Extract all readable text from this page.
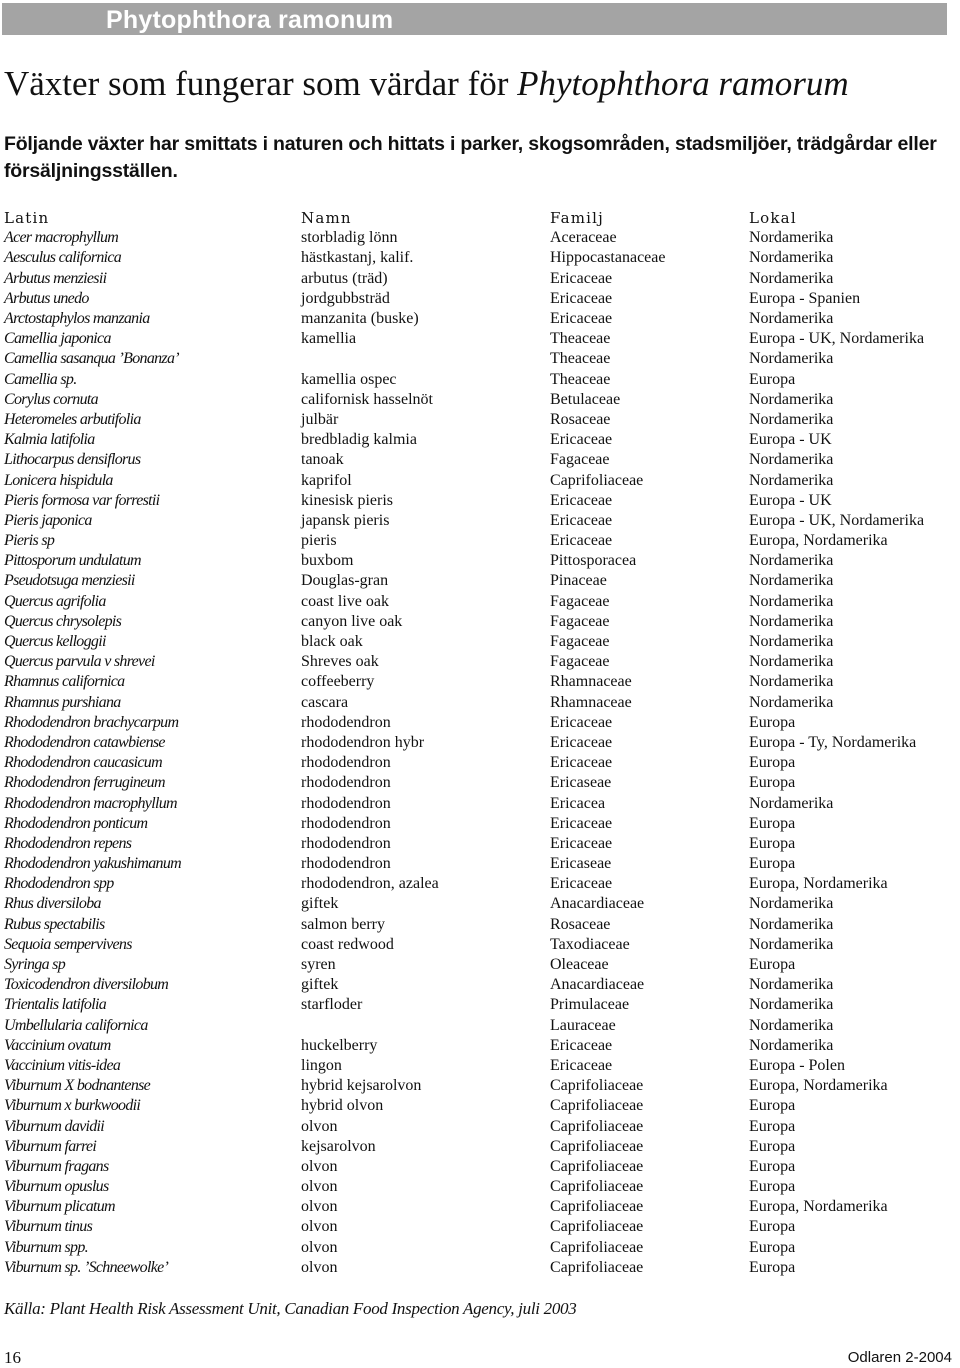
Phytophthora ramonum
Växter som fungerar som värdar för Phytophthora ramorum

Följande växter har smittats i naturen och hittats i parker, skogsområden, stadsmiljöer, trädgårdar eller försäljningsställen.

Latin	Namn	Familj	Lokal
Acer macrophyllum	storbladig lönn	Aceraceae	Nordamerika
Aesculus californica	hästkastanj, kalif.	Hippocastanaceae	Nordamerika
Arbutus menziesii	arbutus (träd)	Ericaceae	Nordamerika
Arbutus unedo	jordgubbsträd	Ericaceae	Europa - Spanien
Arctostaphylos manzania	manzanita (buske)	Ericaceae	Nordamerika
Camellia japonica	kamellia	Theaceae	Europa - UK, Nordamerika
Camellia sasanqua ’Bonanza’		Theaceae	Nordamerika
Camellia sp.	kamellia ospec	Theaceae	Europa
Corylus cornuta	californisk hasselnöt	Betulaceae	Nordamerika
Heteromeles arbutifolia	julbär	Rosaceae	Nordamerika
Kalmia latifolia	bredbladig kalmia	Ericaceae	Europa - UK
Lithocarpus densiflorus	tanoak	Fagaceae	Nordamerika
Lonicera hispidula	kaprifol	Caprifoliaceae	Nordamerika
Pieris formosa var forrestii	kinesisk pieris	Ericaceae	Europa - UK
Pieris japonica	japansk pieris	Ericaceae	Europa - UK, Nordamerika
Pieris sp	pieris	Ericaceae	Europa, Nordamerika
Pittosporum undulatum	buxbom	Pittosporacea	Nordamerika
Pseudotsuga menziesii	Douglas-gran	Pinaceae	Nordamerika
Quercus agrifolia	coast live oak	Fagaceae	Nordamerika
Quercus chrysolepis	canyon live oak	Fagaceae	Nordamerika
Quercus kelloggii	black oak	Fagaceae	Nordamerika
Quercus parvula v shrevei	Shreves oak	Fagaceae	Nordamerika
Rhamnus californica	coffeeberry	Rhamnaceae	Nordamerika
Rhamnus purshiana	cascara	Rhamnaceae	Nordamerika
Rhododendron brachycarpum	rhododendron	Ericaceae	Europa
Rhododendron catawbiense	rhododendron hybr	Ericaceae	Europa - Ty, Nordamerika
Rhododendron caucasicum	rhododendron	Ericaceae	Europa
Rhododendron ferrugineum	rhododendron	Ericaseae	Europa
Rhododendron macrophyllum	rhododendron	Ericacea	Nordamerika
Rhododendron ponticum	rhododendron	Ericaceae	Europa
Rhododendron repens	rhododendron	Ericaceae	Europa
Rhododendron yakushimanum	rhododendron	Ericaseae	Europa
Rhododendron spp	rhododendron, azalea	Ericaceae	Europa, Nordamerika
Rhus diversiloba	giftek	Anacardiaceae	Nordamerika
Rubus spectabilis	salmon berry	Rosaceae	Nordamerika
Sequoia sempervivens	coast redwood	Taxodiaceae	Nordamerika
Syringa sp	syren	Oleaceae	Europa
Toxicodendron diversilobum	giftek	Anacardiaceae	Nordamerika
Trientalis latifolia	starfloder	Primulaceae	Nordamerika
Umbellularia californica		Lauraceae	Nordamerika
Vaccinium ovatum	huckelberry	Ericaceae	Nordamerika
Vaccinium vitis-idea	lingon	Ericaceae	Europa - Polen
Viburnum X bodnantense	hybrid kejsarolvon	Caprifoliaceae	Europa, Nordamerika
Viburnum x burkwoodii	hybrid olvon	Caprifoliaceae	Europa
Viburnum davidii	olvon	Caprifoliaceae	Europa
Viburnum farrei	kejsarolvon	Caprifoliaceae	Europa
Viburnum fragans	olvon	Caprifoliaceae	Europa
Viburnum opuslus	olvon	Caprifoliaceae	Europa
Viburnum plicatum	olvon	Caprifoliaceae	Europa, Nordamerika
Viburnum tinus	olvon	Caprifoliaceae	Europa
Viburnum spp.	olvon	Caprifoliaceae	Europa
Viburnum sp. ’Schneewolke’	olvon	Caprifoliaceae	Europa
Källa: Plant Health Risk Assessment Unit, Canadian Food Inspection Agency, juli 2003
16	Odlaren 2-2004
